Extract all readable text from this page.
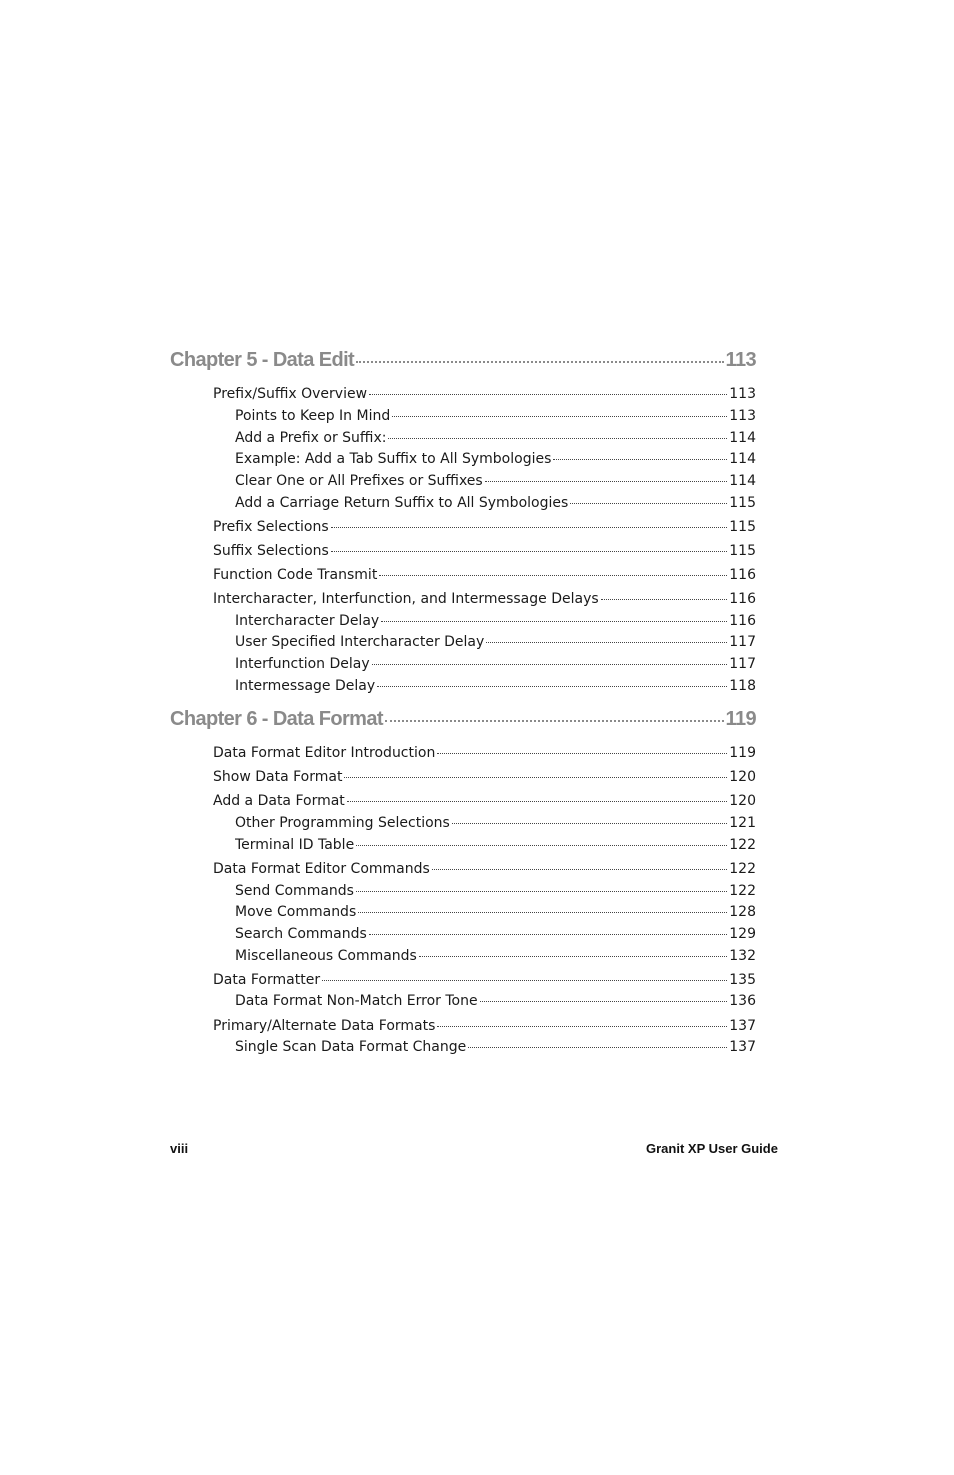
Chapter 5 - Data Edit	113
Prefix/Suffix Overview	113
Points to Keep In Mind	113
Add a Prefix or Suffix:	114
Example: Add a Tab Suffix to All Symbologies	114
Clear One or All Prefixes or Suffixes	114
Add a Carriage Return Suffix to All Symbologies	115
Prefix Selections	115
Suffix Selections	115
Function Code Transmit	116
Intercharacter, Interfunction, and Intermessage Delays	116
Intercharacter Delay	116
User Specified Intercharacter Delay	117
Interfunction Delay	117
Intermessage Delay	118
Chapter 6 - Data Format	119
Data Format Editor Introduction	119
Show Data Format	120
Add a Data Format	120
Other Programming Selections	121
Terminal ID Table	122
Data Format Editor Commands	122
Send Commands	122
Move Commands	128
Search Commands	129
Miscellaneous Commands	132
Data Formatter	135
Data Format Non-Match Error Tone	136
Primary/Alternate Data Formats	137
Single Scan Data Format Change	137
viii	Granit XP User Guide
